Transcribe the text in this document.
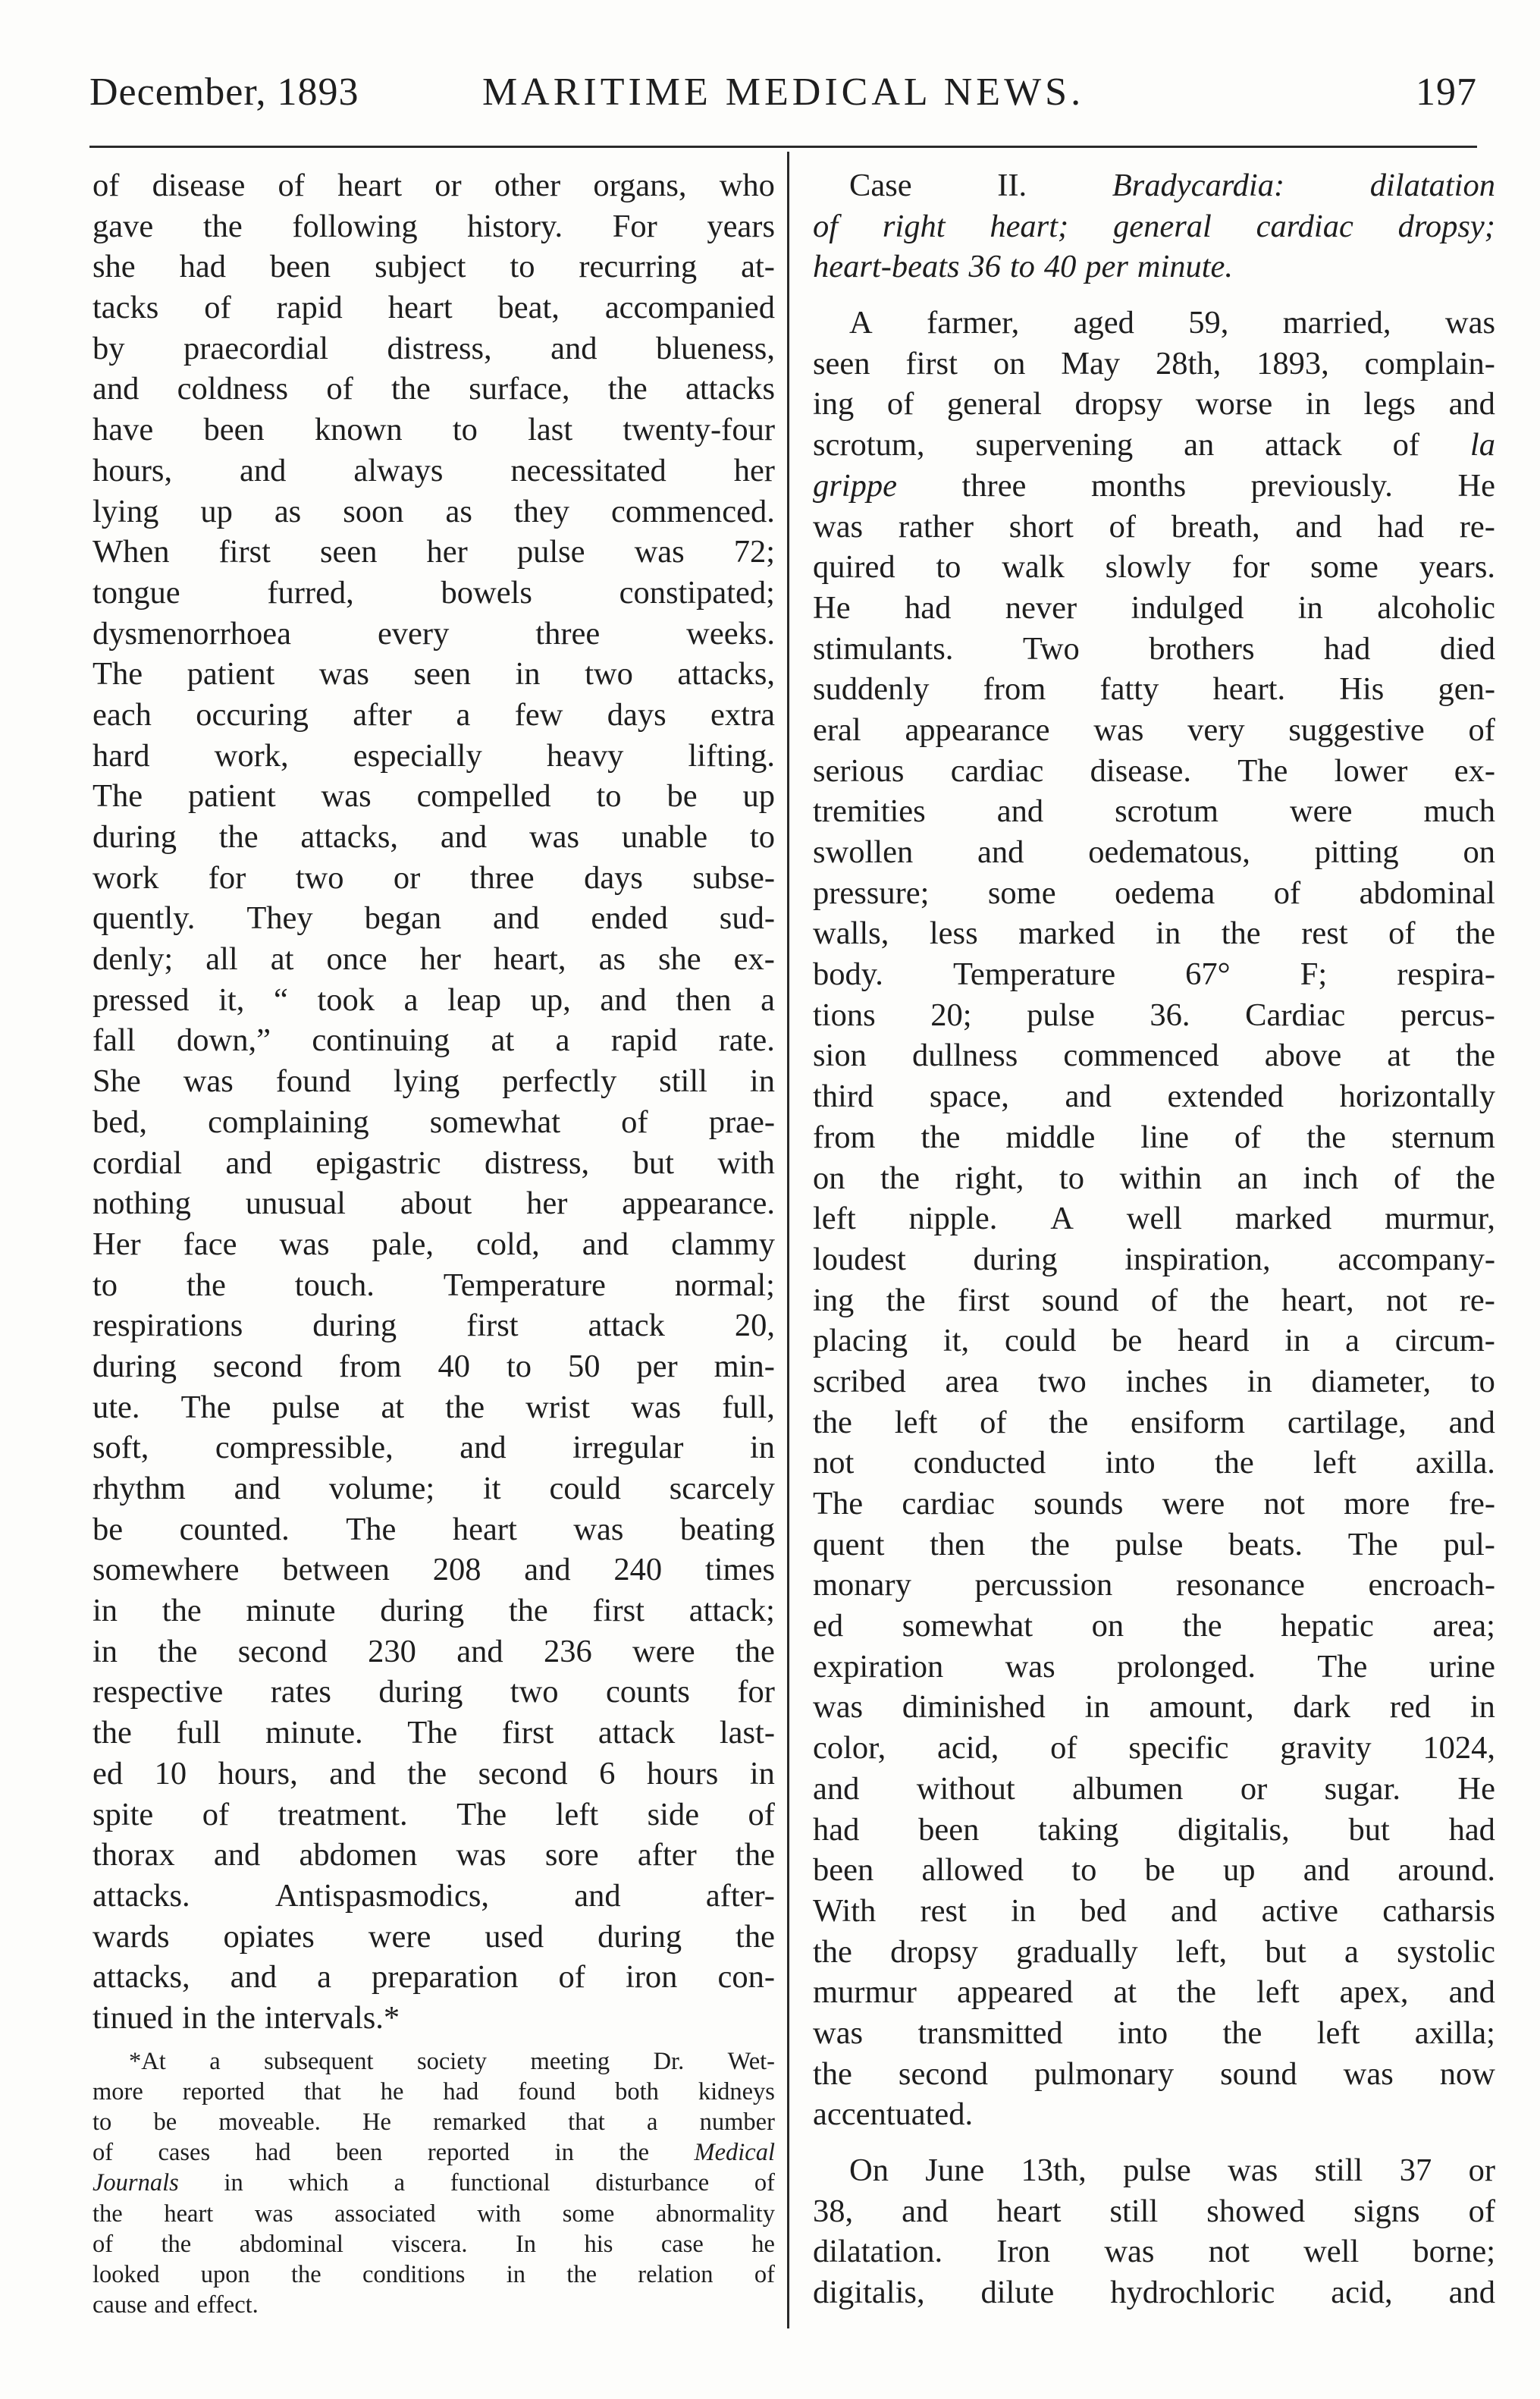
December, 1893	MARITIME MEDICAL NEWS.	197
of disease of heart or other organs, who
gave the following history. For years
she had been subject to recurring at-
tacks of rapid heart beat, accompanied
by praecordial distress, and blueness,
and coldness of the surface, the attacks
have been known to last twenty-four
hours, and always necessitated her
lying up as soon as they commenced.
When first seen her pulse was 72;
tongue	furred,	bowels	constipated;
dysmenorrhoea	every	three	weeks.
The patient was seen in two attacks,
each occuring after a few days extra
hard work, especially heavy lifting.
The patient was compelled to be up
during the attacks, and was unable to
work for two or three days subse-
quently. They began and ended sud-
denly; all at once her heart, as she ex-
pressed it, “ took a leap up, and then a
fall down,” continuing at a rapid rate.
She was found lying perfectly still in
bed, complaining somewhat of prae-
cordial and epigastric distress, but with
nothing unusual about her appearance.
Her face was pale, cold, and clammy
to the touch. Temperature normal;
respirations during first attack 20,
during second from 40 to 50 per min-
ute. The pulse at the wrist was full,
soft, compressible, and irregular in
rhythm and volume; it could scarcely
be counted. The heart was beating
somewhere between 208 and 240 times
in the minute during the first attack;
in the second 230 and 236 were the
respective rates during two counts for
the full minute. The first attack last-
ed 10 hours, and the second 6 hours in
spite of treatment. The left side of
thorax and abdomen was sore after the
attacks.	Antispasmodics,	and	after-
wards opiates were used during the
attacks, and a preparation of iron con-
tinued in the intervals.*
*At a subsequent society meeting Dr. Wet-
more reported that he had found both kidneys
to be moveable. He remarked that a number
of cases had been reported in the Medical
Journals in which a functional disturbance of
the heart was associated with some abnormality
of the abdominal viscera. In his case he
looked upon the conditions in the relation of
cause and effect.
Case	II.	Bradycardia:	dilatation
of right heart; general cardiac dropsy;
heart-beats 36 to 40 per minute.
A farmer, aged 59, married, was
seen first on May 28th, 1893, complain-
ing of general dropsy worse in legs and
scrotum, supervening an attack of la
grippe three months previously. He
was rather short of breath, and had re-
quired to walk slowly for some years.
He had never indulged in alcoholic
stimulants. Two brothers had died
suddenly from fatty heart. His gen-
eral appearance was very suggestive of
serious cardiac disease. The lower ex-
tremities and scrotum were much
swollen and oedematous, pitting on
pressure; some oedema of abdominal
walls, less marked in the rest of the
body. Temperature 67° F; respira-
tions 20; pulse 36. Cardiac percus-
sion dullness commenced above at the
third space, and extended horizontally
from the middle line of the sternum
on the right, to within an inch of the
left nipple. A well marked murmur,
loudest during inspiration, accompany-
ing the first sound of the heart, not re-
placing it, could be heard in a circum-
scribed area two inches in diameter, to
the left of the ensiform cartilage, and
not conducted into the left axilla.
The cardiac sounds were not more fre-
quent then the pulse beats. The pul-
monary percussion resonance encroach-
ed somewhat on the hepatic area;
expiration was prolonged. The urine
was diminished in amount, dark red in
color, acid, of specific gravity 1024,
and without albumen or sugar. He
had been taking digitalis, but had
been allowed to be up and around.
With rest in bed and active catharsis
the dropsy gradually left, but a systolic
murmur appeared at the left apex, and
was transmitted into the left axilla;
the second pulmonary sound was now
accentuated.
On June 13th, pulse was still 37 or
38, and heart still showed signs of
dilatation. Iron was not well borne;
digitalis, dilute hydrochloric acid, and
